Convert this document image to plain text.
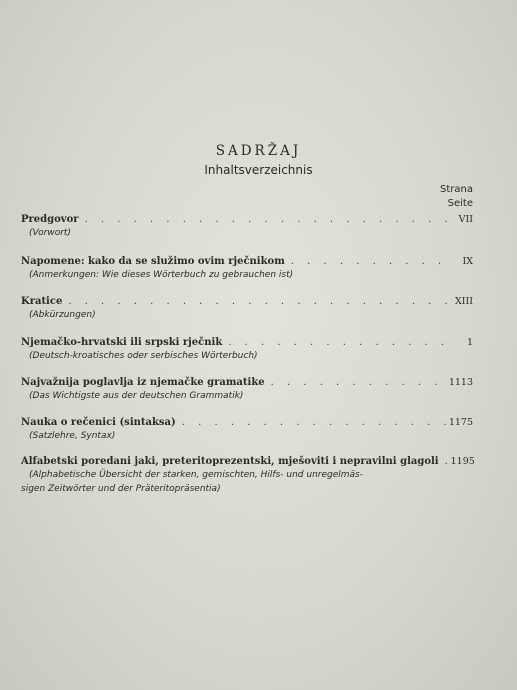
SADRŽAJ
Inhaltsverzeichnis
Strana
Seite
Predgovor . . .	VII
(Vorwort)
Napomene: kako da se služimo ovim rječnikom . . .	IX
(Anmerkungen: Wie dieses Wörterbuch zu gebrauchen ist)
Kratice . . .	XIII
(Abkürzungen)
Njemačko-hrvatski ili srpski rječnik . . .	1
(Deutsch-kroatisches oder serbisches Wörterbuch)
Najvažnija poglavlja iz njemačke gramatike . . .	1113
(Das Wichtigste aus der deutschen Grammatik)
Nauka o rečenici (sintaksa) . . .	1175
(Satzlehre, Syntax)
Alfabetski poredani jaki, preteritoprezentski, mješoviti i nepravilni glagoli . . . 1195
(Alphabetische Übersicht der starken, gemischten, Hilfs- und unregelmäs-
sigen Zeitwörter und der Präteritopräsentia)
